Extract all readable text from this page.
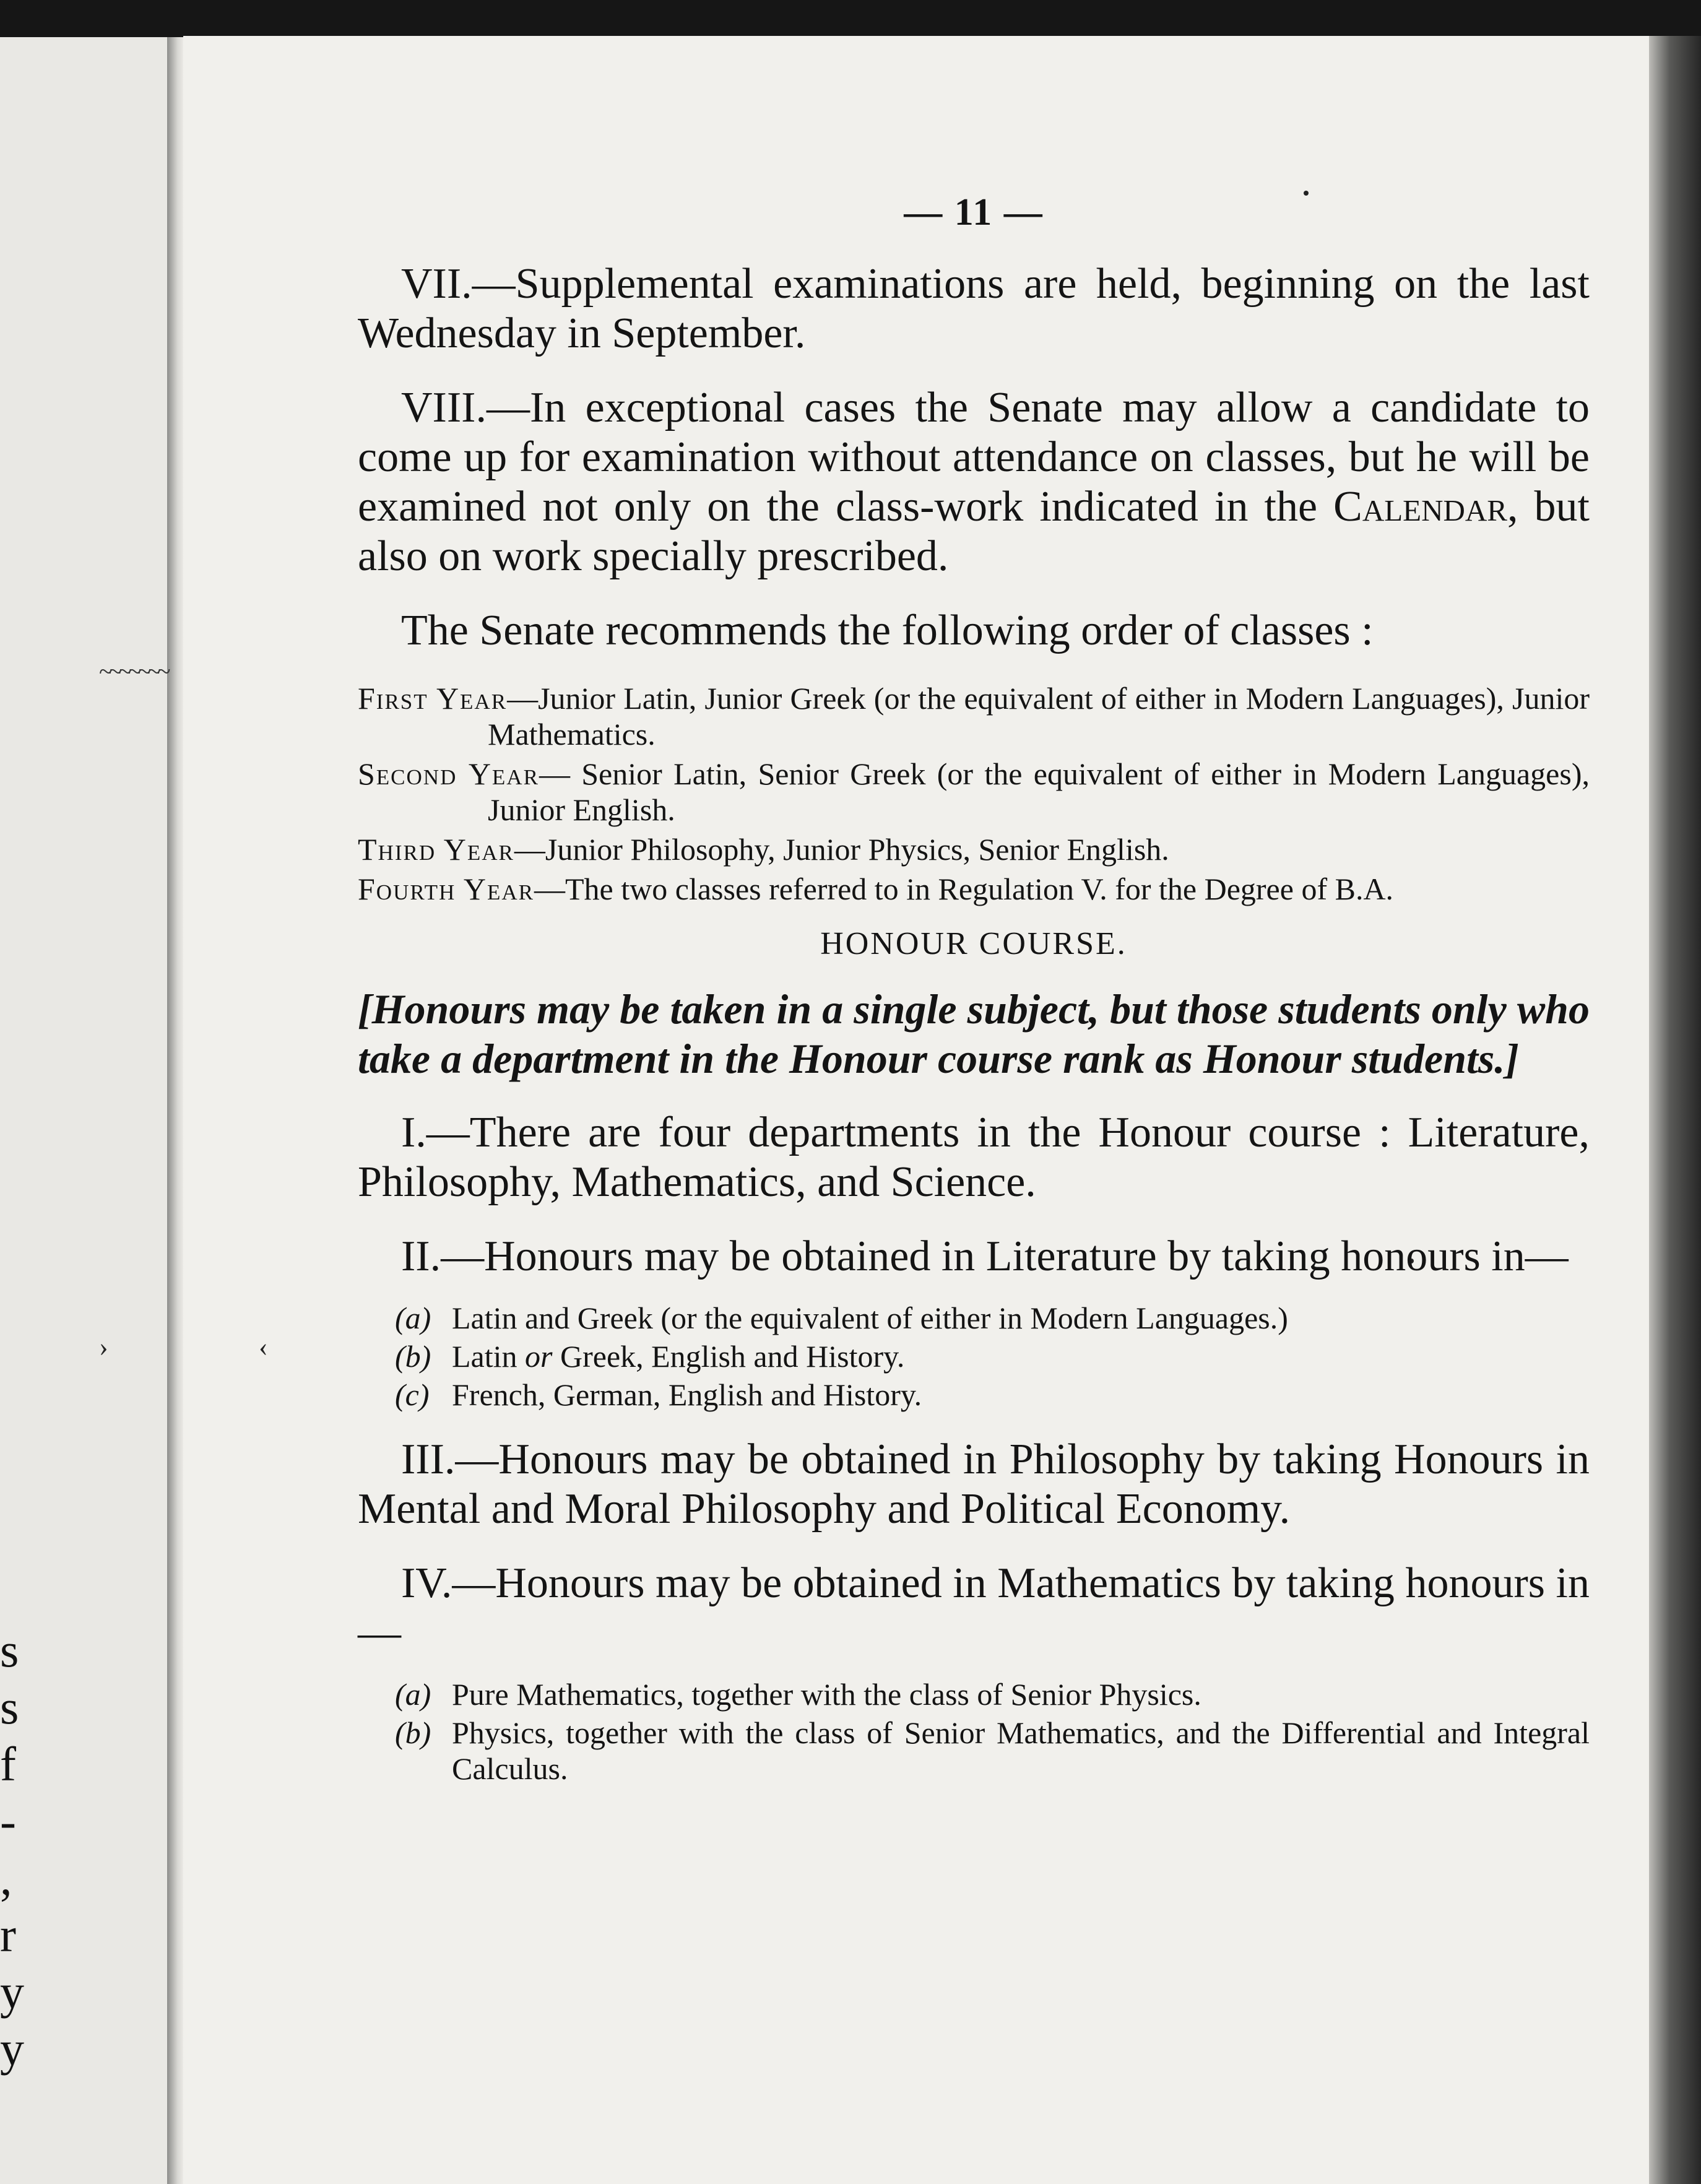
s
s
f
-
,
r
y
y
— 11 —

VII.—Supplemental examinations are held, beginning on the last Wednesday in September.

VIII.—In exceptional cases the Senate may allow a candidate to come up for examination without attendance on classes, but he will be examined not only on the class-work indicated in the Calendar, but also on work specially prescribed.

The Senate recommends the following order of classes :

First Year—Junior Latin, Junior Greek (or the equivalent of either in Modern Languages), Junior Mathematics.
Second Year— Senior Latin, Senior Greek (or the equivalent of either in Modern Languages), Junior English.
Third Year—Junior Philosophy, Junior Physics, Senior English.
Fourth Year—The two classes referred to in Regulation V. for the Degree of B.A.
HONOUR COURSE.

[Honours may be taken in a single subject, but those students only who take a department in the Honour course rank as Honour students.]

I.—There are four departments in the Honour course : Literature, Philosophy, Mathematics, and Science.

II.—Honours may be obtained in Literature by taking honours in—

(a) Latin and Greek (or the equivalent of either in Modern Languages.)
(b) Latin or Greek, English and History.
(c) French, German, English and History.

III.—Honours may be obtained in Philosophy by taking Honours in Mental and Moral Philosophy and Political Economy.

IV.—Honours may be obtained in Mathematics by taking honours in—

(a) Pure Mathematics, together with the class of Senior Physics.
(b) Physics, together with the class of Senior Mathematics, and the Differential and Integral Calculus.
~~~~~~~
›	‹
